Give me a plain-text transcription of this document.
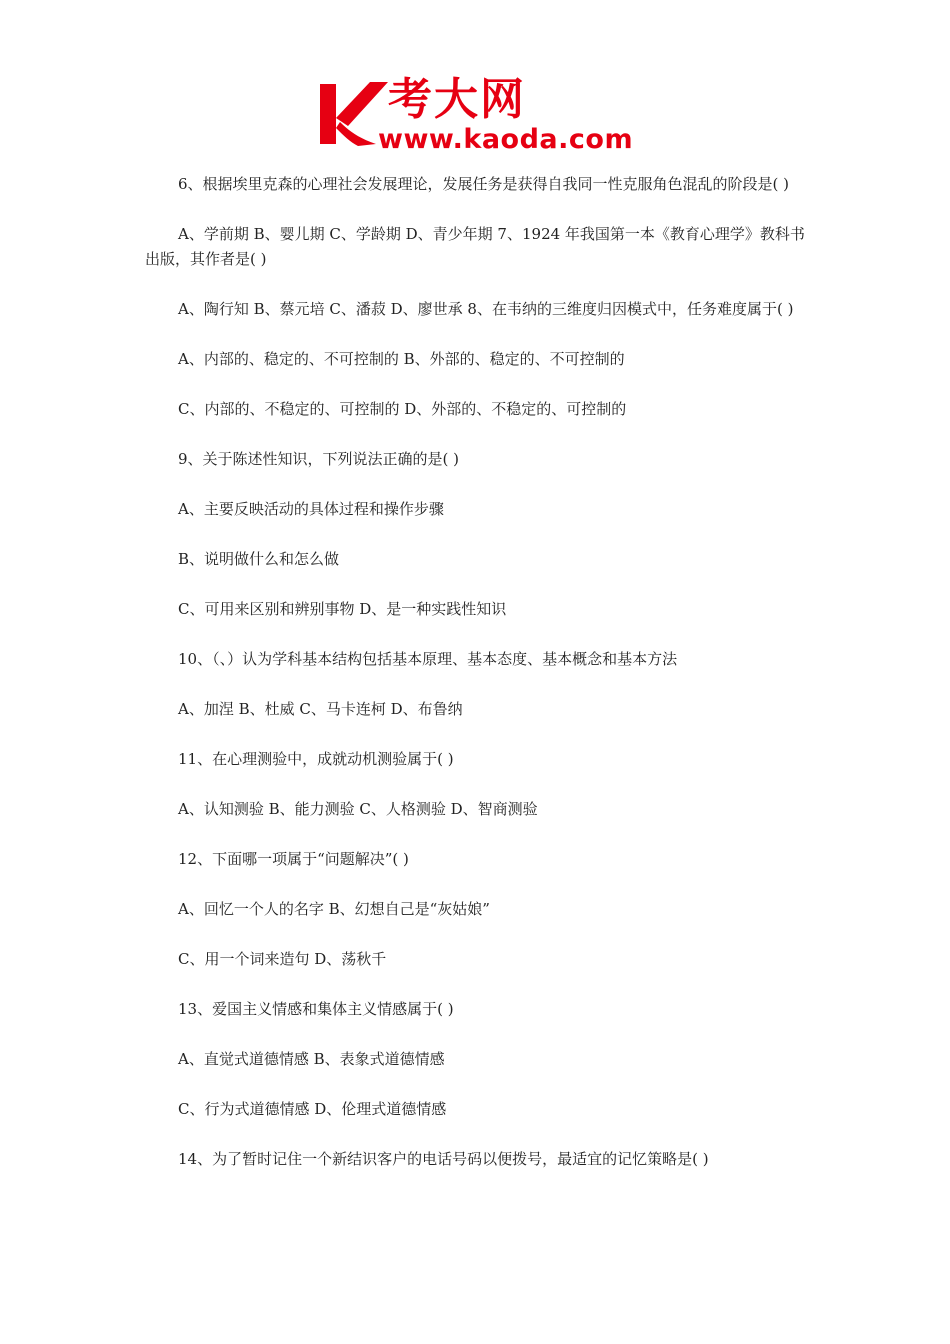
考大网
www.kaoda.com

6、根据埃里克森的心理社会发展理论，发展任务是获得自我同一性克服角色混乱的阶段是( )

A、学前期 B、婴儿期 C、学龄期 D、青少年期 7、1924 年我国第一本《教育心理学》教科书出版，其作者是( )

A、陶行知 B、蔡元培 C、潘菽 D、廖世承 8、在韦纳的三维度归因模式中，任务难度属于( )

A、内部的、稳定的、不可控制的 B、外部的、稳定的、不可控制的

C、内部的、不稳定的、可控制的 D、外部的、不稳定的、可控制的

9、关于陈述性知识，下列说法正确的是( )

A、主要反映活动的具体过程和操作步骤

B、说明做什么和怎么做

C、可用来区别和辨别事物 D、是一种实践性知识

10、（、）认为学科基本结构包括基本原理、基本态度、基本概念和基本方法

A、加涅 B、杜威 C、马卡连柯 D、布鲁纳

11、在心理测验中，成就动机测验属于( )

A、认知测验 B、能力测验 C、人格测验 D、智商测验

12、下面哪一项属于“问题解决”( )

A、回忆一个人的名字 B、幻想自己是“灰姑娘”

C、用一个词来造句 D、荡秋千

13、爱国主义情感和集体主义情感属于( )

A、直觉式道德情感 B、表象式道德情感

C、行为式道德情感 D、伦理式道德情感

14、为了暂时记住一个新结识客户的电话号码以便拨号，最适宜的记忆策略是( )
